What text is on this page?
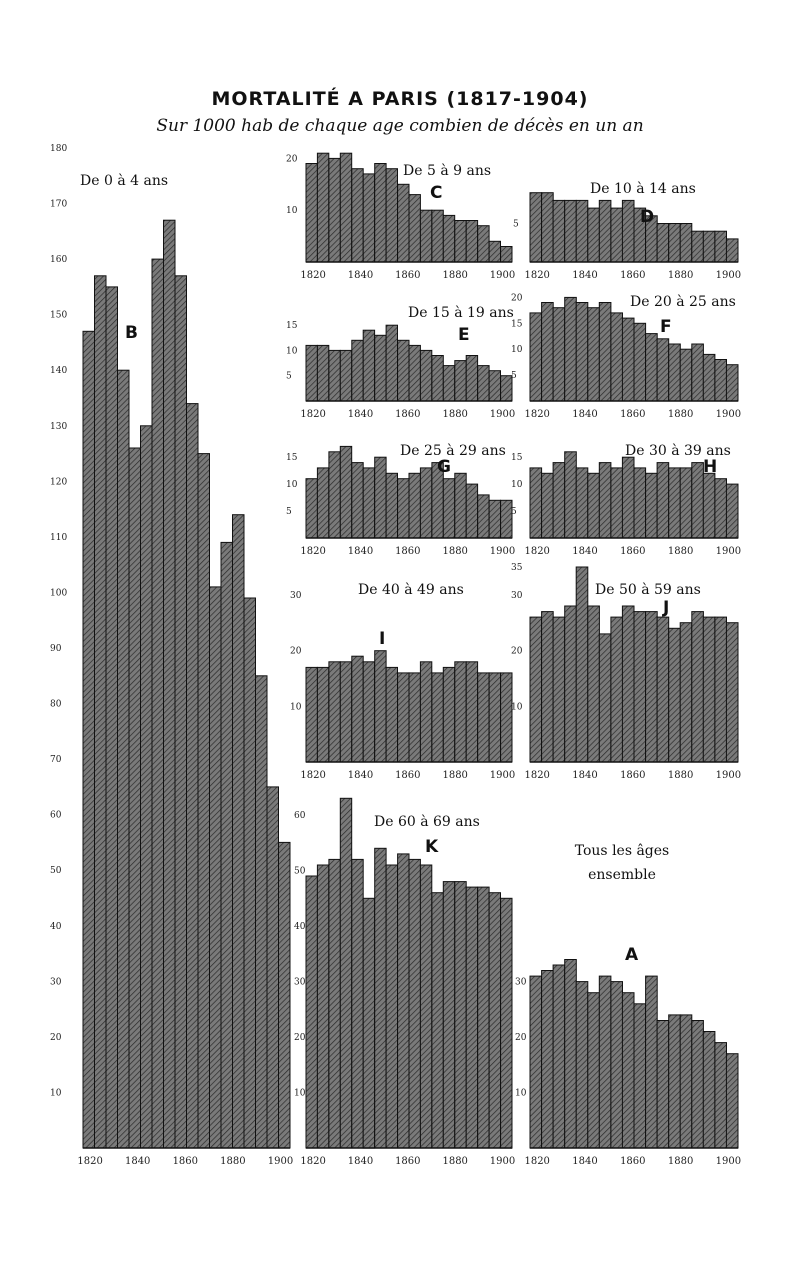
MORTALITÉ A PARIS (1817-1904)
Sur 1000 hab de chaque age combien de décès en un an
10
20
30
40
50
60
70
80
90
100
110
120
130
140
150
160
170
180
1820 1840 1860 1880 1900
De 0 à 4 ans
B
10
20
1820 1840 1860 1880 1900
De 5 à 9 ans
C
5
1820 1840 1860 1880 1900
De 10 à 14 ans
D
5
10
15
1820 1840 1860 1880 1900
De 15 à 19 ans
E
5
10
15
20
1820 1840 1860 1880 1900
De 20 à 25 ans
F
5
10
15
1820 1840 1860 1880 1900
De 25 à 29 ans
G
5
10
15
1820 1840 1860 1880 1900
De 30 à 39 ans
H
10
20
30
1820 1840 1860 1880 1900
De 40 à 49 ans
I
10
20
30
35
1820 1840 1860 1880 1900
De 50 à 59 ans
J
10
20
30
40
50
60
1820 1840 1860 1880 1900
De 60 à 69 ans
K
10
20
30
1820 1840 1860 1880 1900
Tous les âges
ensemble
A
